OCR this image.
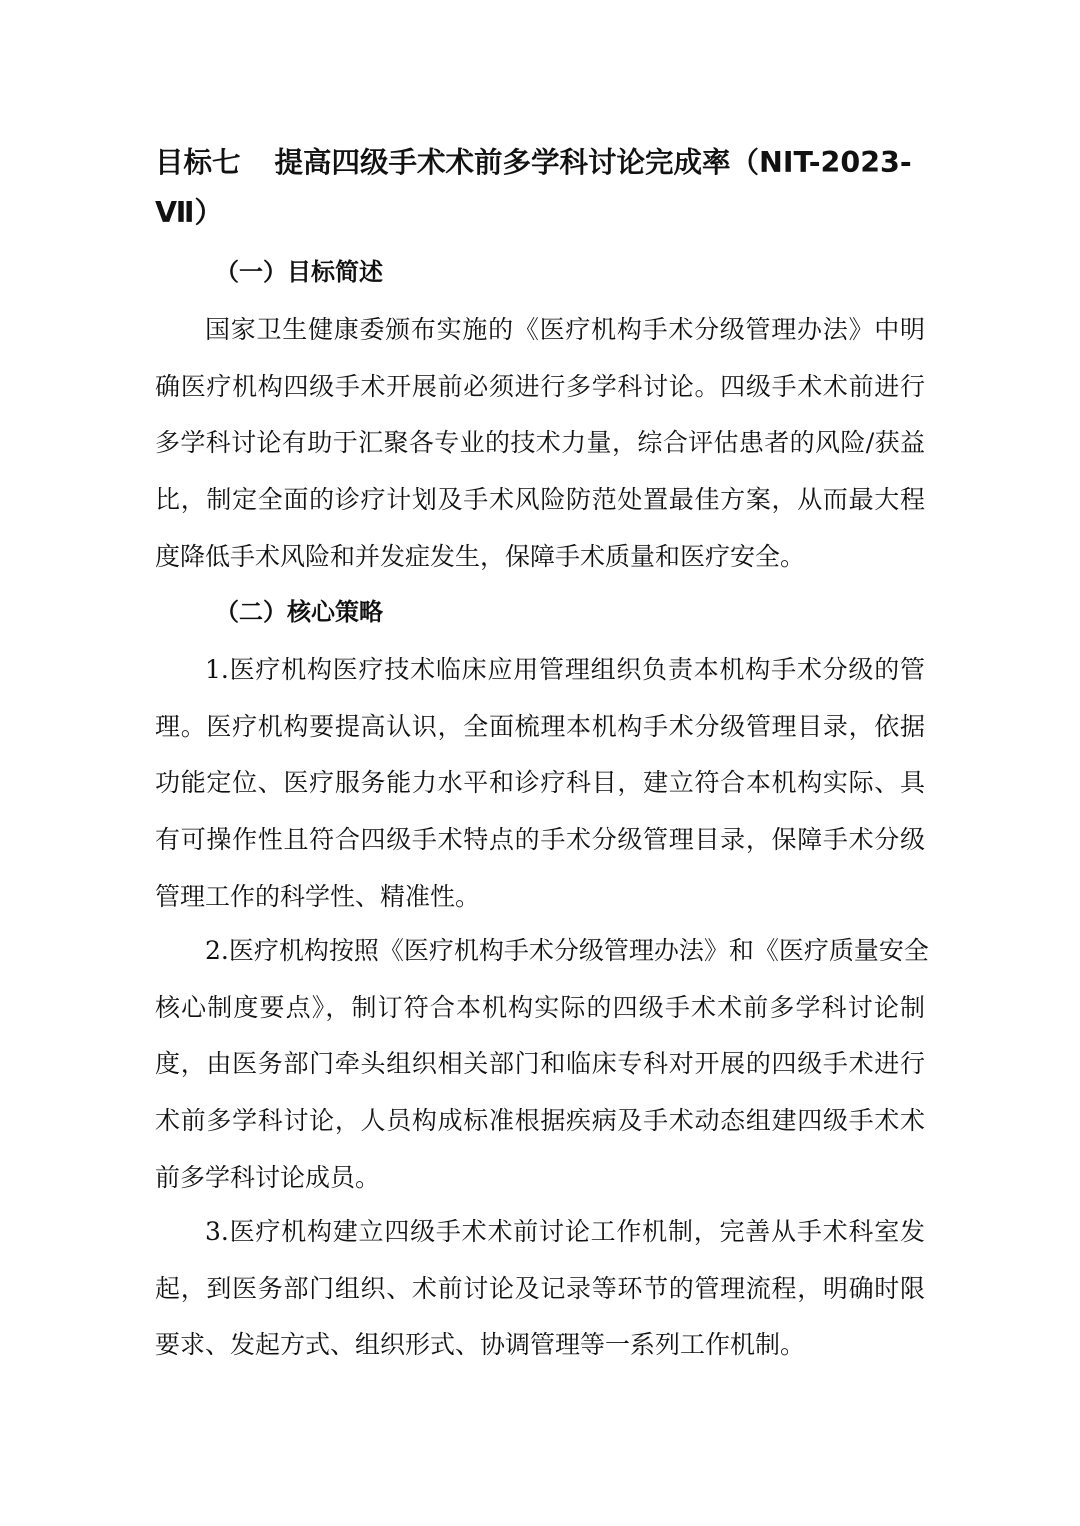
目标七 提高四级手术术前多学科讨论完成率（NIT-2023-
Ⅶ）
（一）目标简述
国家卫生健康委颁布实施的《医疗机构手术分级管理办法》中明
确医疗机构四级手术开展前必须进行多学科讨论。四级手术术前进行
多学科讨论有助于汇聚各专业的技术力量，综合评估患者的风险/获益
比，制定全面的诊疗计划及手术风险防范处置最佳方案，从而最大程
度降低手术风险和并发症发生，保障手术质量和医疗安全。
（二）核心策略
1.医疗机构医疗技术临床应用管理组织负责本机构手术分级的管
理。医疗机构要提高认识，全面梳理本机构手术分级管理目录，依据
功能定位、医疗服务能力水平和诊疗科目，建立符合本机构实际、具
有可操作性且符合四级手术特点的手术分级管理目录，保障手术分级
管理工作的科学性、精准性。
2.医疗机构按照《医疗机构手术分级管理办法》和《医疗质量安全
核心制度要点》，制订符合本机构实际的四级手术术前多学科讨论制
度，由医务部门牵头组织相关部门和临床专科对开展的四级手术进行
术前多学科讨论，人员构成标准根据疾病及手术动态组建四级手术术
前多学科讨论成员。
3.医疗机构建立四级手术术前讨论工作机制，完善从手术科室发
起，到医务部门组织、术前讨论及记录等环节的管理流程，明确时限
要求、发起方式、组织形式、协调管理等一系列工作机制。
